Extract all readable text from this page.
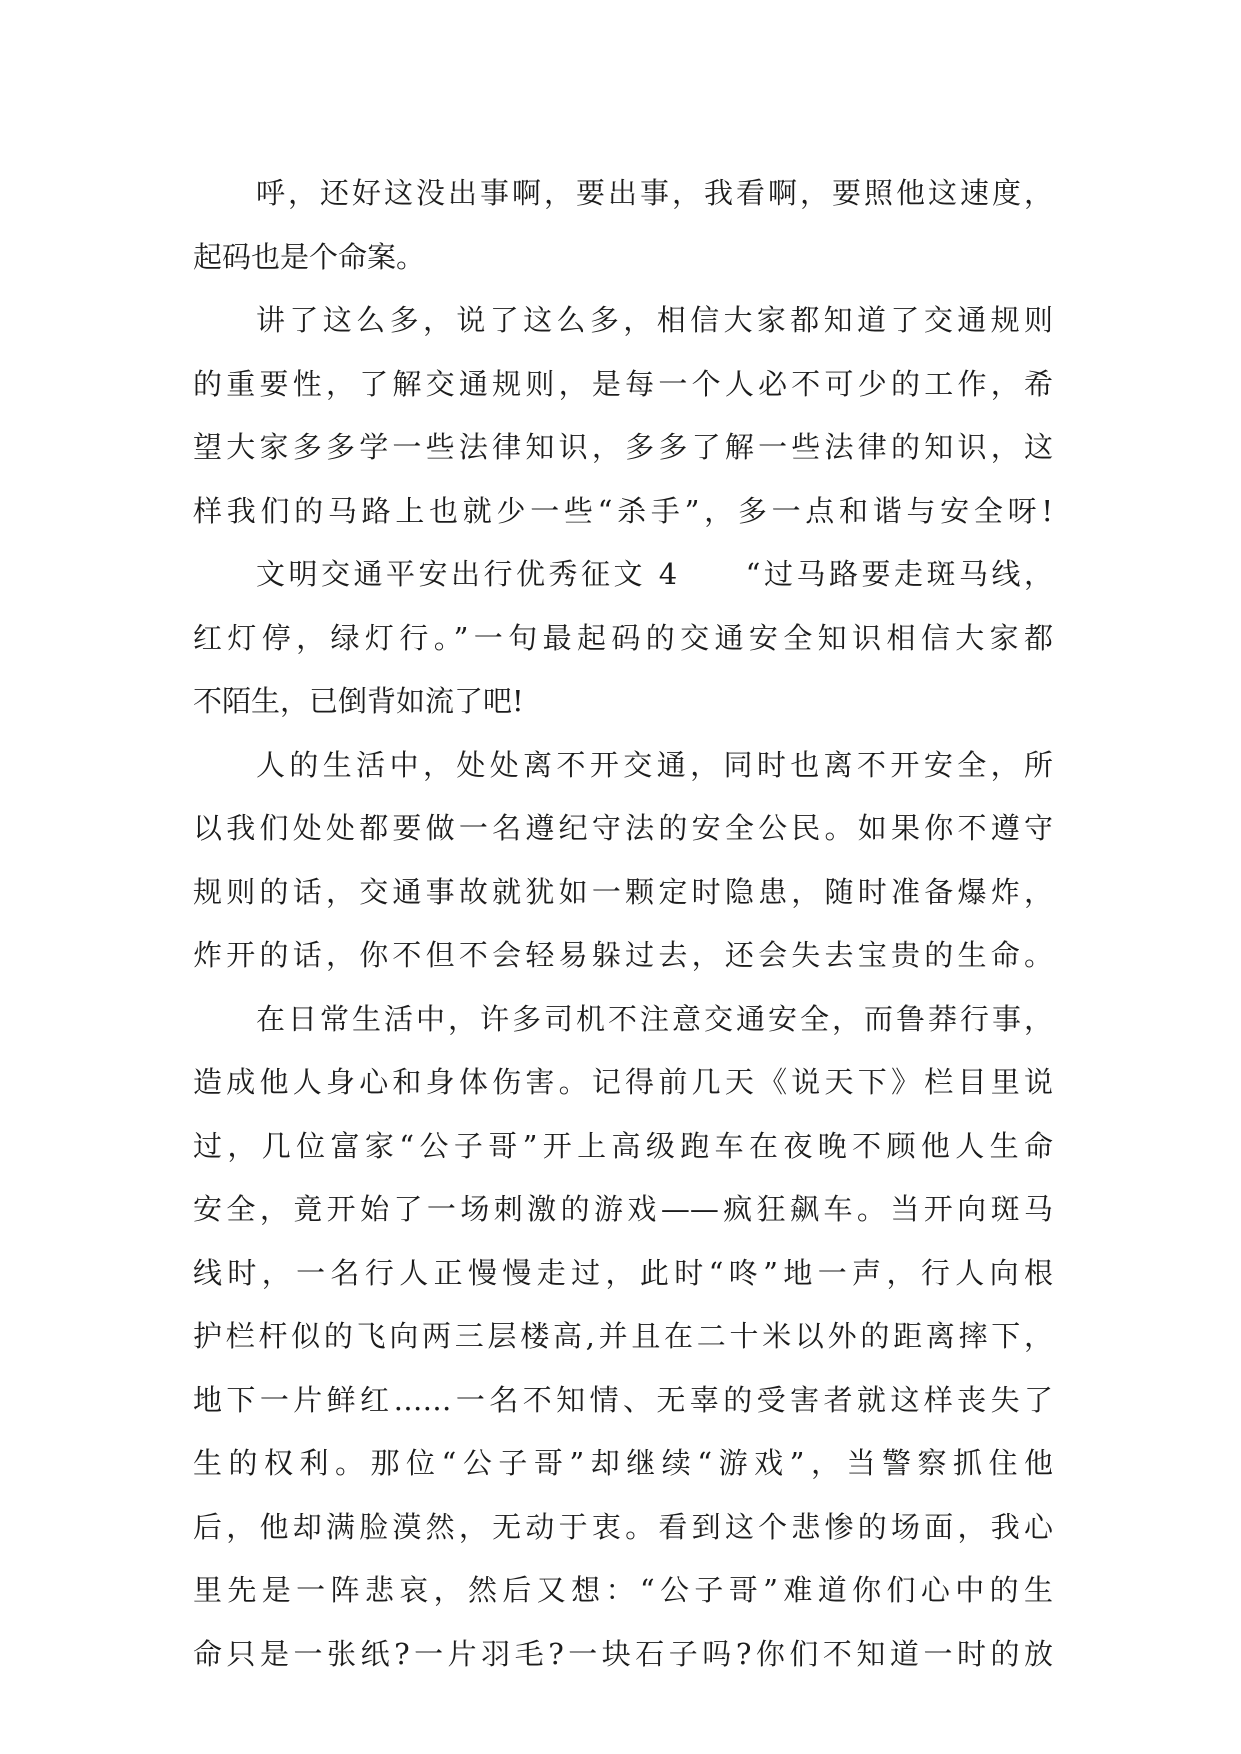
呼，还好这没出事啊，要出事，我看啊，要照他这速度，
起码也是个命案。
讲了这么多，说了这么多，相信大家都知道了交通规则
的重要性，了解交通规则，是每一个人必不可少的工作，希
望大家多多学一些法律知识，多多了解一些法律的知识，这
样我们的马路上也就少一些“杀手”，多一点和谐与安全呀!
文明交通平安出行优秀征文 4　　“过马路要走斑马线，
红灯停，绿灯行。”一句最起码的交通安全知识相信大家都
不陌生，已倒背如流了吧!
人的生活中，处处离不开交通，同时也离不开安全，所
以我们处处都要做一名遵纪守法的安全公民。如果你不遵守
规则的话，交通事故就犹如一颗定时隐患，随时准备爆炸，
炸开的话，你不但不会轻易躲过去，还会失去宝贵的生命。
在日常生活中，许多司机不注意交通安全，而鲁莽行事，
造成他人身心和身体伤害。记得前几天《说天下》栏目里说
过，几位富家“公子哥”开上高级跑车在夜晚不顾他人生命
安全，竟开始了一场刺激的游戏——疯狂飙车。当开向斑马
线时，一名行人正慢慢走过，此时“咚”地一声，行人向根
护栏杆似的飞向两三层楼高,并且在二十米以外的距离摔下，
地下一片鲜红……一名不知情、无辜的受害者就这样丧失了
生的权利。那位“公子哥”却继续“游戏”，当警察抓住他
后，他却满脸漠然，无动于衷。看到这个悲惨的场面，我心
里先是一阵悲哀，然后又想：“公子哥”难道你们心中的生
命只是一张纸?一片羽毛?一块石子吗?你们不知道一时的放
